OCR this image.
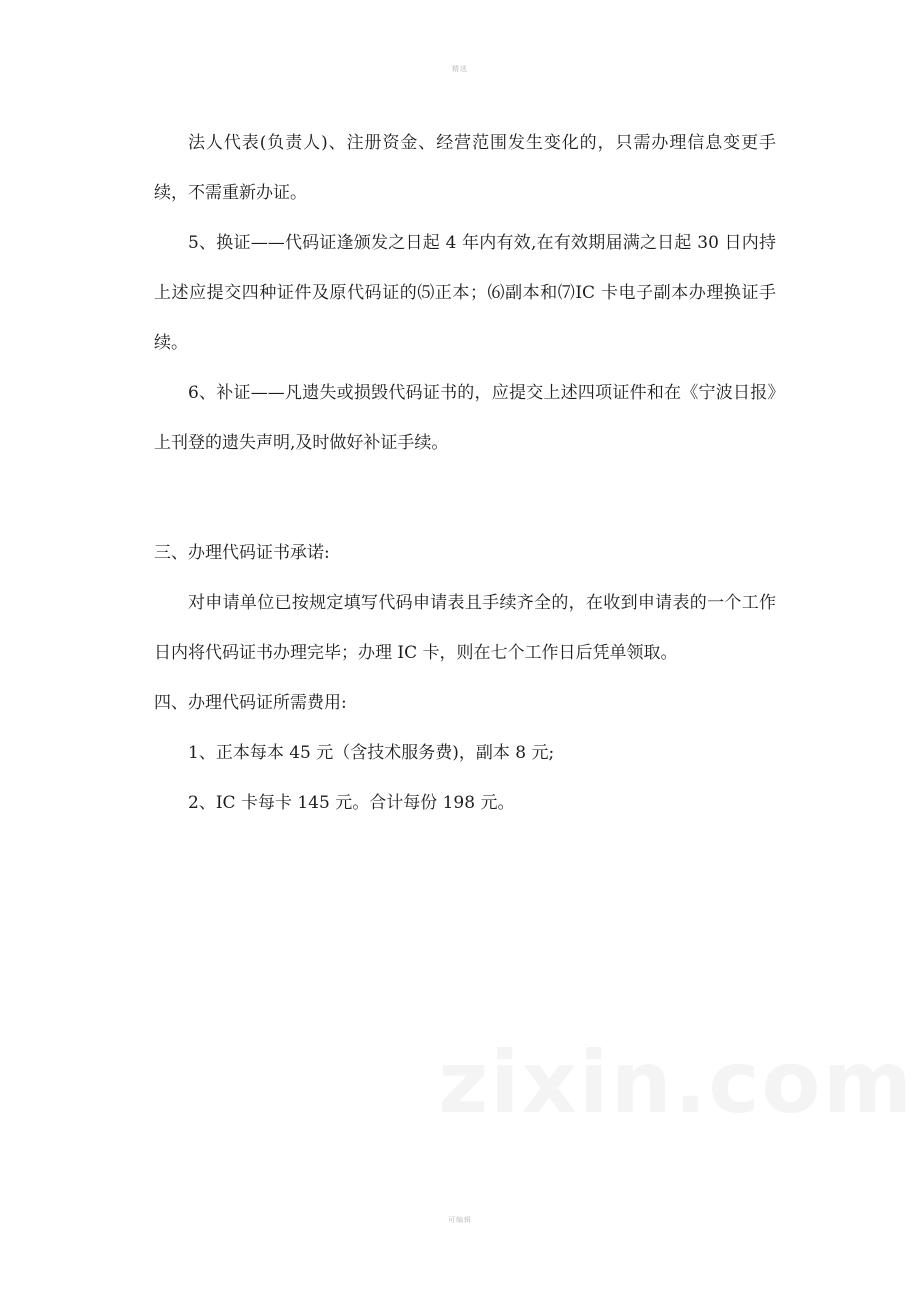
精选

法人代表(负责人)、注册资金、经营范围发生变化的，只需办理信息变更手续，不需重新办证。

5、换证——代码证逢颁发之日起 4 年内有效,在有效期届满之日起 30 日内持上述应提交四种证件及原代码证的⑸正本；⑹副本和⑺IC 卡电子副本办理换证手续。

6、补证——凡遗失或损毁代码证书的，应提交上述四项证件和在《宁波日报》上刊登的遗失声明,及时做好补证手续。

三、办理代码证书承诺:

对申请单位已按规定填写代码申请表且手续齐全的，在收到申请表的一个工作日内将代码证书办理完毕；办理 IC 卡，则在七个工作日后凭单领取。

四、办理代码证所需费用:

1、正本每本 45 元（含技术服务费)，副本 8 元;

2、IC 卡每卡 145 元。合计每份 198 元。

可编辑
